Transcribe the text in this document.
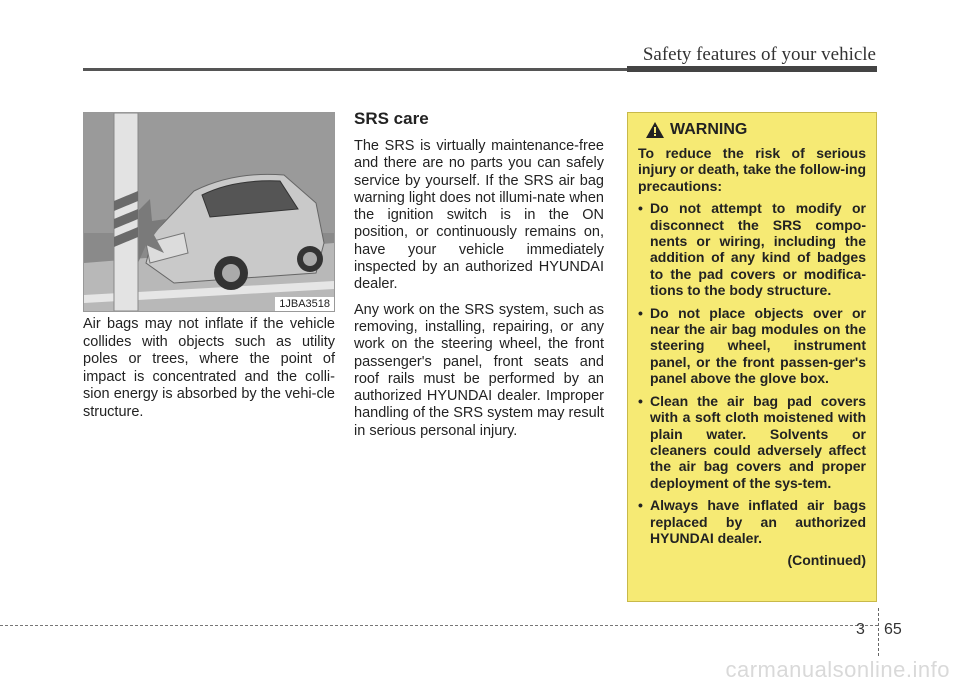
Safety features of your vehicle
1JBA3518
Air bags may not inflate if the vehicle collides with objects such as utility poles or trees, where the point of impact is concentrated and the colli-sion energy is absorbed by the vehi-cle structure.
SRS care

The SRS is virtually maintenance-free and there are no parts you can safely service by yourself. If the SRS air bag warning light does not illumi-nate when the ignition switch is in the ON position, or continuously remains on, have your vehicle immediately inspected by an authorized HYUNDAI dealer.

Any work on the SRS system, such as removing, installing, repairing, or any work on the steering wheel, the front passenger's panel, front seats and roof rails must be performed by an authorized HYUNDAI dealer. Improper handling of the SRS system may result in serious personal injury.

WARNING
To reduce the risk of serious injury or death, take the follow-ing precautions:
• Do not attempt to modify or disconnect the SRS compo-nents or wiring, including the addition of any kind of badges to the pad covers or modifica-tions to the body structure.
• Do not place objects over or near the air bag modules on the steering wheel, instrument panel, or the front passen-ger's panel above the glove box.
• Clean the air bag pad covers with a soft cloth moistened with plain water. Solvents or cleaners could adversely affect the air bag covers and proper deployment of the sys-tem.
• Always have inflated air bags replaced by an authorized HYUNDAI dealer.
(Continued)
3 65
carmanualsonline.info
